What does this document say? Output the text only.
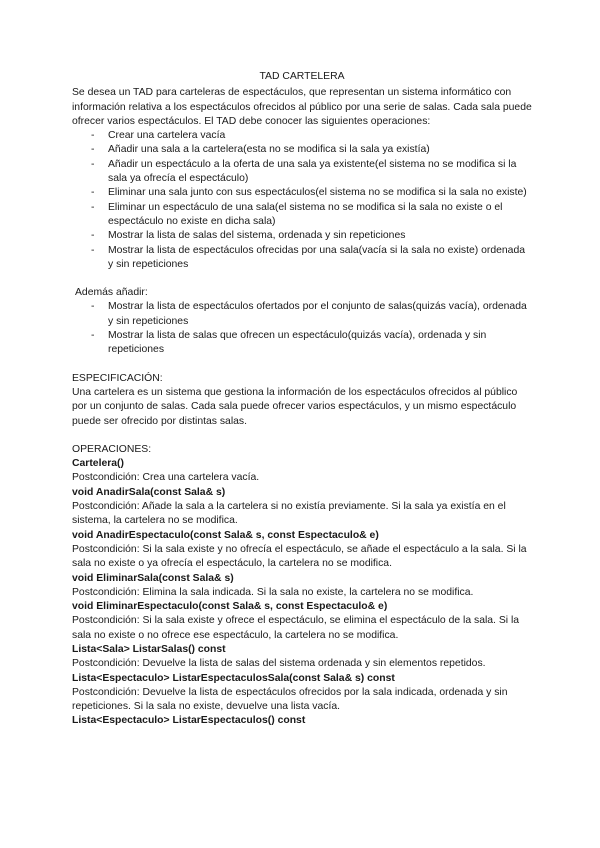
TAD CARTELERA

Se desea un TAD para carteleras de espectáculos, que representan un sistema informático con información relativa a los espectáculos ofrecidos al público por una serie de salas. Cada sala puede ofrecer varios espectáculos. El TAD debe conocer las siguientes operaciones:

- Crear una cartelera vacía
- Añadir una sala a la cartelera(esta no se modifica si la sala ya existía)
- Añadir un espectáculo a la oferta de una sala ya existente(el sistema no se modifica si la sala ya ofrecía el espectáculo)
- Eliminar una sala junto con sus espectáculos(el sistema no se modifica si la sala no existe)
- Eliminar un espectáculo de una sala(el sistema no se modifica si la sala no existe o el espectáculo no existe en dicha sala)
- Mostrar la lista de salas del sistema, ordenada y sin repeticiones
- Mostrar la lista de espectáculos ofrecidas por una sala(vacía si la sala no existe) ordenada y sin repeticiones

Además añadir:

- Mostrar la lista de espectáculos ofertados por el conjunto de salas(quizás vacía), ordenada y sin repeticiones
- Mostrar la lista de salas que ofrecen un espectáculo(quizás vacía), ordenada y sin repeticiones

ESPECIFICACIÓN:

Una cartelera es un sistema que gestiona la información de los espectáculos ofrecidos al público por un conjunto de salas. Cada sala puede ofrecer varios espectáculos, y un mismo espectáculo puede ser ofrecido por distintas salas.

OPERACIONES:

Cartelera()

Postcondición: Crea una cartelera vacía.

void AnadirSala(const Sala& s)

Postcondición: Añade la sala a la cartelera si no existía previamente. Si la sala ya existía en el sistema, la cartelera no se modifica.

void AnadirEspectaculo(const Sala& s, const Espectaculo& e)

Postcondición: Si la sala existe y no ofrecía el espectáculo, se añade el espectáculo a la sala. Si la sala no existe o ya ofrecía el espectáculo, la cartelera no se modifica.

void EliminarSala(const Sala& s)

Postcondición: Elimina la sala indicada. Si la sala no existe, la cartelera no se modifica.

void EliminarEspectaculo(const Sala& s, const Espectaculo& e)

Postcondición: Si la sala existe y ofrece el espectáculo, se elimina el espectáculo de la sala. Si la sala no existe o no ofrece ese espectáculo, la cartelera no se modifica.

Lista<Sala> ListarSalas() const

Postcondición: Devuelve la lista de salas del sistema ordenada y sin elementos repetidos.

Lista<Espectaculo> ListarEspectaculosSala(const Sala& s) const

Postcondición: Devuelve la lista de espectáculos ofrecidos por la sala indicada, ordenada y sin repeticiones. Si la sala no existe, devuelve una lista vacía.

Lista<Espectaculo> ListarEspectaculos() const
